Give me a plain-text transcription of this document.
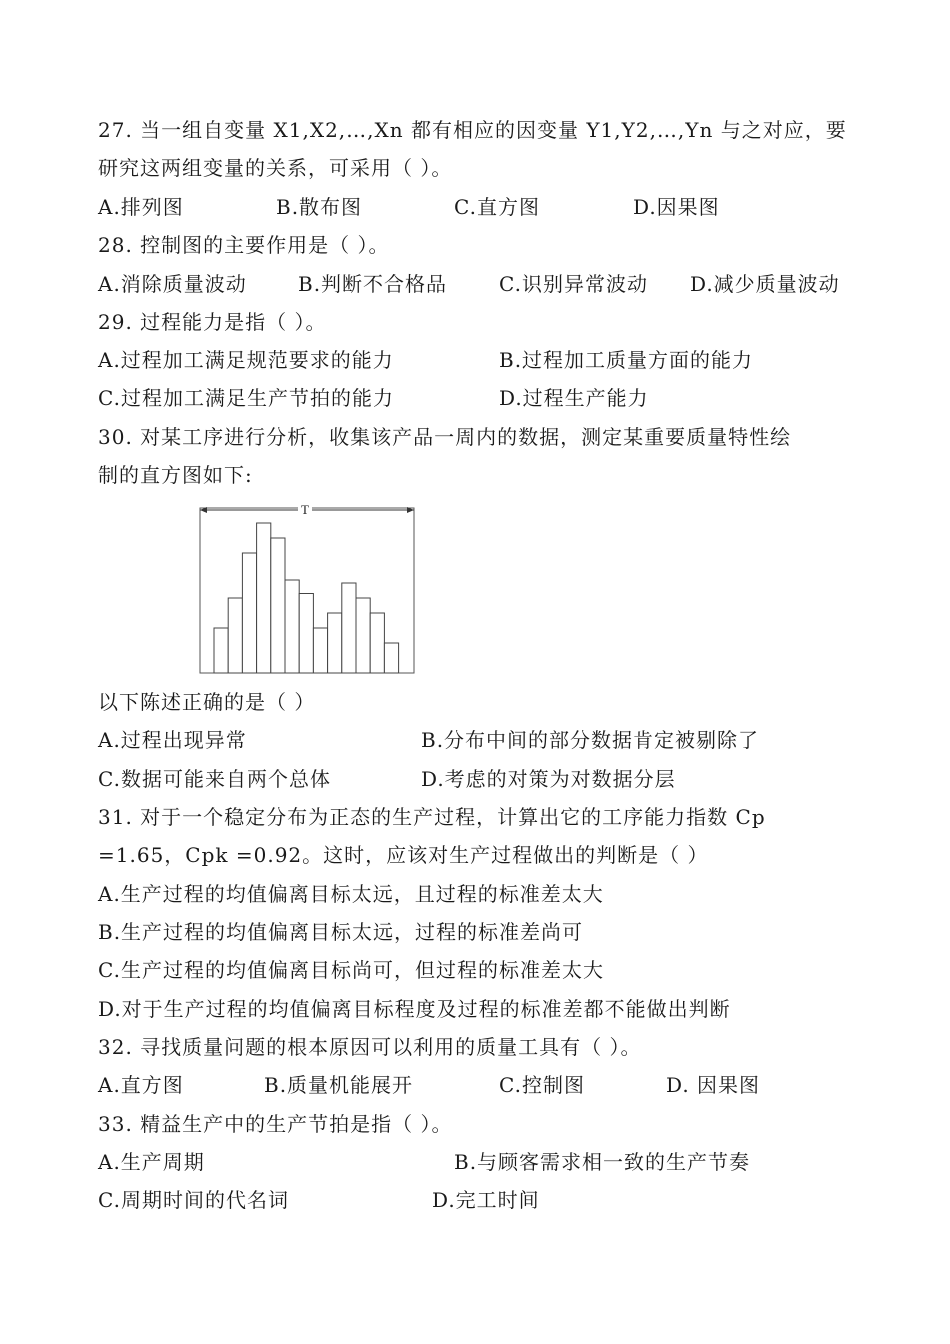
27. 当一组自变量 X1,X2,…,Xn 都有相应的因变量 Y1,Y2,…,Yn 与之对应，要
研究这两组变量的关系，可采用（ ）。
A.排列图	B.散布图	C.直方图	D.因果图
28. 控制图的主要作用是（ ）。
A.消除质量波动	B.判断不合格品	C.识别异常波动 D.减少质量波动
29. 过程能力是指（ ）。
A.过程加工满足规范要求的能力	B.过程加工质量方面的能力
C.过程加工满足生产节拍的能力	D.过程生产能力
30. 对某工序进行分析，收集该产品一周内的数据，测定某重要质量特性绘
制的直方图如下:
T
以下陈述正确的是（ ）
A.过程出现异常	B.分布中间的部分数据肯定被剔除了
C.数据可能来自两个总体	D.考虑的对策为对数据分层
31. 对于一个稳定分布为正态的生产过程，计算出它的工序能力指数 Cp
=1.65，Cpk =0.92。这时，应该对生产过程做出的判断是（ ）
A.生产过程的均值偏离目标太远，且过程的标准差太大
B.生产过程的均值偏离目标太远，过程的标准差尚可
C.生产过程的均值偏离目标尚可，但过程的标准差太大
D.对于生产过程的均值偏离目标程度及过程的标准差都不能做出判断
32. 寻找质量问题的根本原因可以利用的质量工具有（ ）。
A.直方图	B.质量机能展开	C.控制图	D. 因果图
33. 精益生产中的生产节拍是指（ ）。
A.生产周期	B.与顾客需求相一致的生产节奏
C.周期时间的代名词	D.完工时间
